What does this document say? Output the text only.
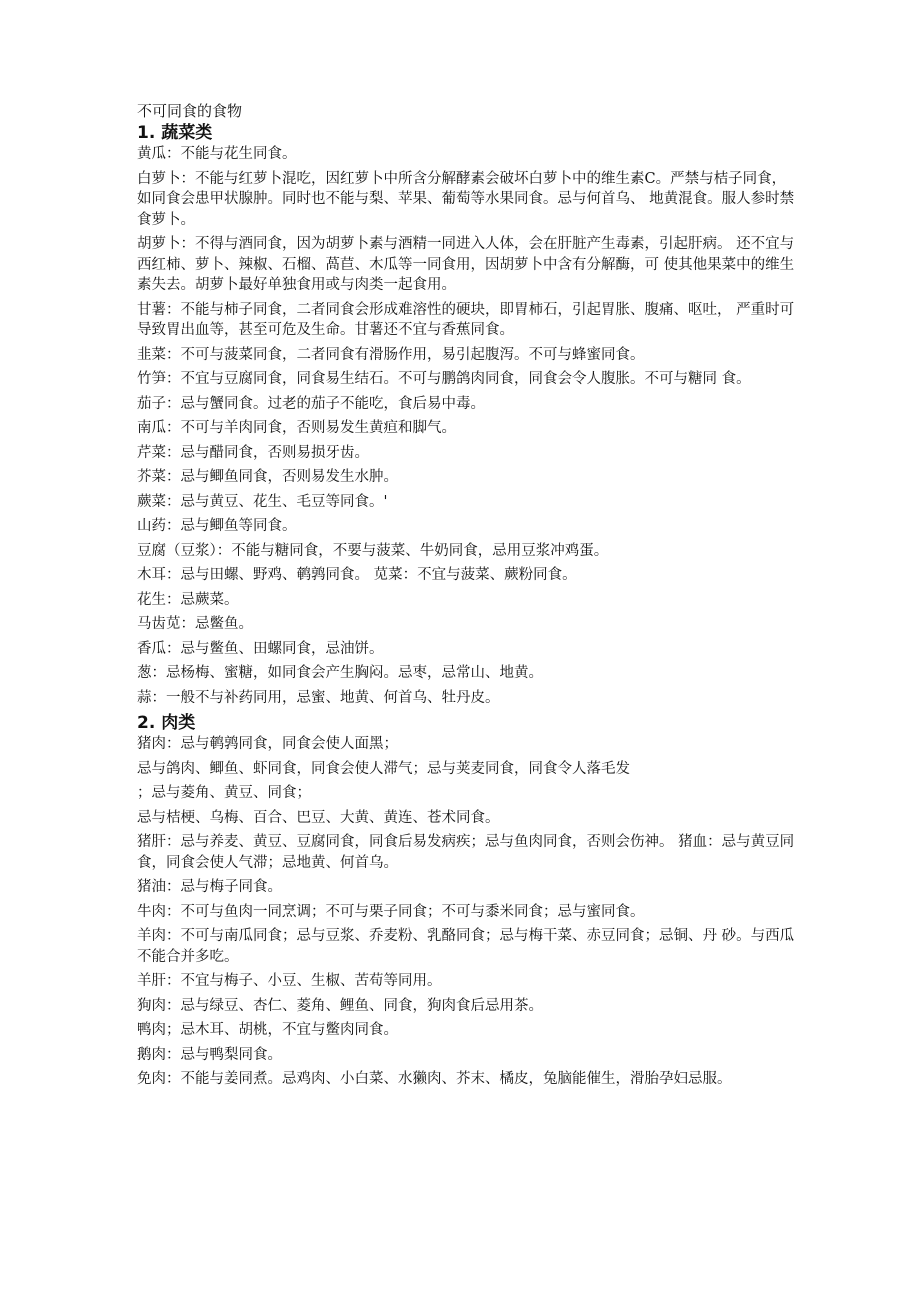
不可同食的食物
1. 蔬菜类

黄瓜：不能与花生同食。

白萝卜：不能与红萝卜混吃，因红萝卜中所含分解酵素会破坏白萝卜中的维生素C。严禁与桔子同食，如同食会患甲状腺肿。同时也不能与梨、苹果、葡萄等水果同食。忌与何首乌、 地黄混食。服人参时禁食萝卜。

胡萝卜：不得与酒同食，因为胡萝卜素与酒精一同进入人体，会在肝脏产生毒素，引起肝病。 还不宜与西红柿、萝卜、辣椒、石榴、萵苣、木瓜等一同食用，因胡萝卜中含有分解酶，可 使其他果菜中的维生素失去。胡萝卜最好单独食用或与肉类一起食用。

甘薯：不能与柿子同食，二者同食会形成难溶性的硬块，即胃柿石，引起胃胀、腹痛、呕吐， 严重时可导致胃出血等，甚至可危及生命。甘薯还不宜与香蕉同食。

韭菜：不可与菠菜同食，二者同食有滑肠作用，易引起腹泻。不可与蜂蜜同食。

竹笋：不宜与豆腐同食，同食易生结石。不可与鹏鸽肉同食，同食会令人腹胀。不可与糖同 食。

茄子：忌与蟹同食。过老的茄子不能吃，食后易中毒。

南瓜：不可与羊肉同食，否则易发生黄疸和脚气。

芹菜：忌与醋同食，否则易损牙齿。

芥菜：忌与鲫鱼同食，否则易发生水肿。

蕨菜：忌与黄豆、花生、毛豆等同食。'

山药：忌与鲫鱼等同食。

豆腐（豆浆）：不能与糖同食，不要与菠菜、牛奶同食，忌用豆浆冲鸡蛋。

木耳：忌与田螺、野鸡、鹌鹑同食。 苋菜：不宜与菠菜、蕨粉同食。

花生：忌蕨菜。

马齿苋：忌鳖鱼。

香瓜：忌与鳖鱼、田螺同食，忌油饼。

葱：忌杨梅、蜜糖，如同食会产生胸闷。忌枣，忌常山、地黄。

蒜：一般不与补药同用，忌蜜、地黄、何首乌、牡丹皮。

2. 肉类

猪肉：忌与鹌鹑同食，同食会使人面黑；

忌与鸽肉、鲫鱼、虾同食，同食会使人滞气；忌与荚麦同食，同食令人落毛发

；忌与菱角、黄豆、同食；

忌与桔梗、乌梅、百合、巴豆、大黄、黄连、苍术同食。

猪肝：忌与养麦、黄豆、豆腐同食，同食后易发病疾；忌与鱼肉同食，否则会伤神。 猪血：忌与黄豆同食，同食会使人气滞；忌地黄、何首乌。

猪油：忌与梅子同食。

牛肉：不可与鱼肉一同烹调；不可与栗子同食；不可与黍米同食；忌与蜜同食。

羊肉：不可与南瓜同食；忌与豆浆、乔麦粉、乳酪同食；忌与梅干菜、赤豆同食；忌铜、丹 砂。与西瓜不能合并多吃。

羊肝：不宜与梅子、小豆、生椒、苦苟等同用。

狗肉：忌与绿豆、杏仁、菱角、鲤鱼、同食，狗肉食后忌用茶。

鸭肉；忌木耳、胡桃，不宜与鳖肉同食。

鹅肉：忌与鸭梨同食。

免肉：不能与姜同煮。忌鸡肉、小白菜、水獭肉、芥末、橘皮，兔脑能催生，滑胎孕妇忌服。
